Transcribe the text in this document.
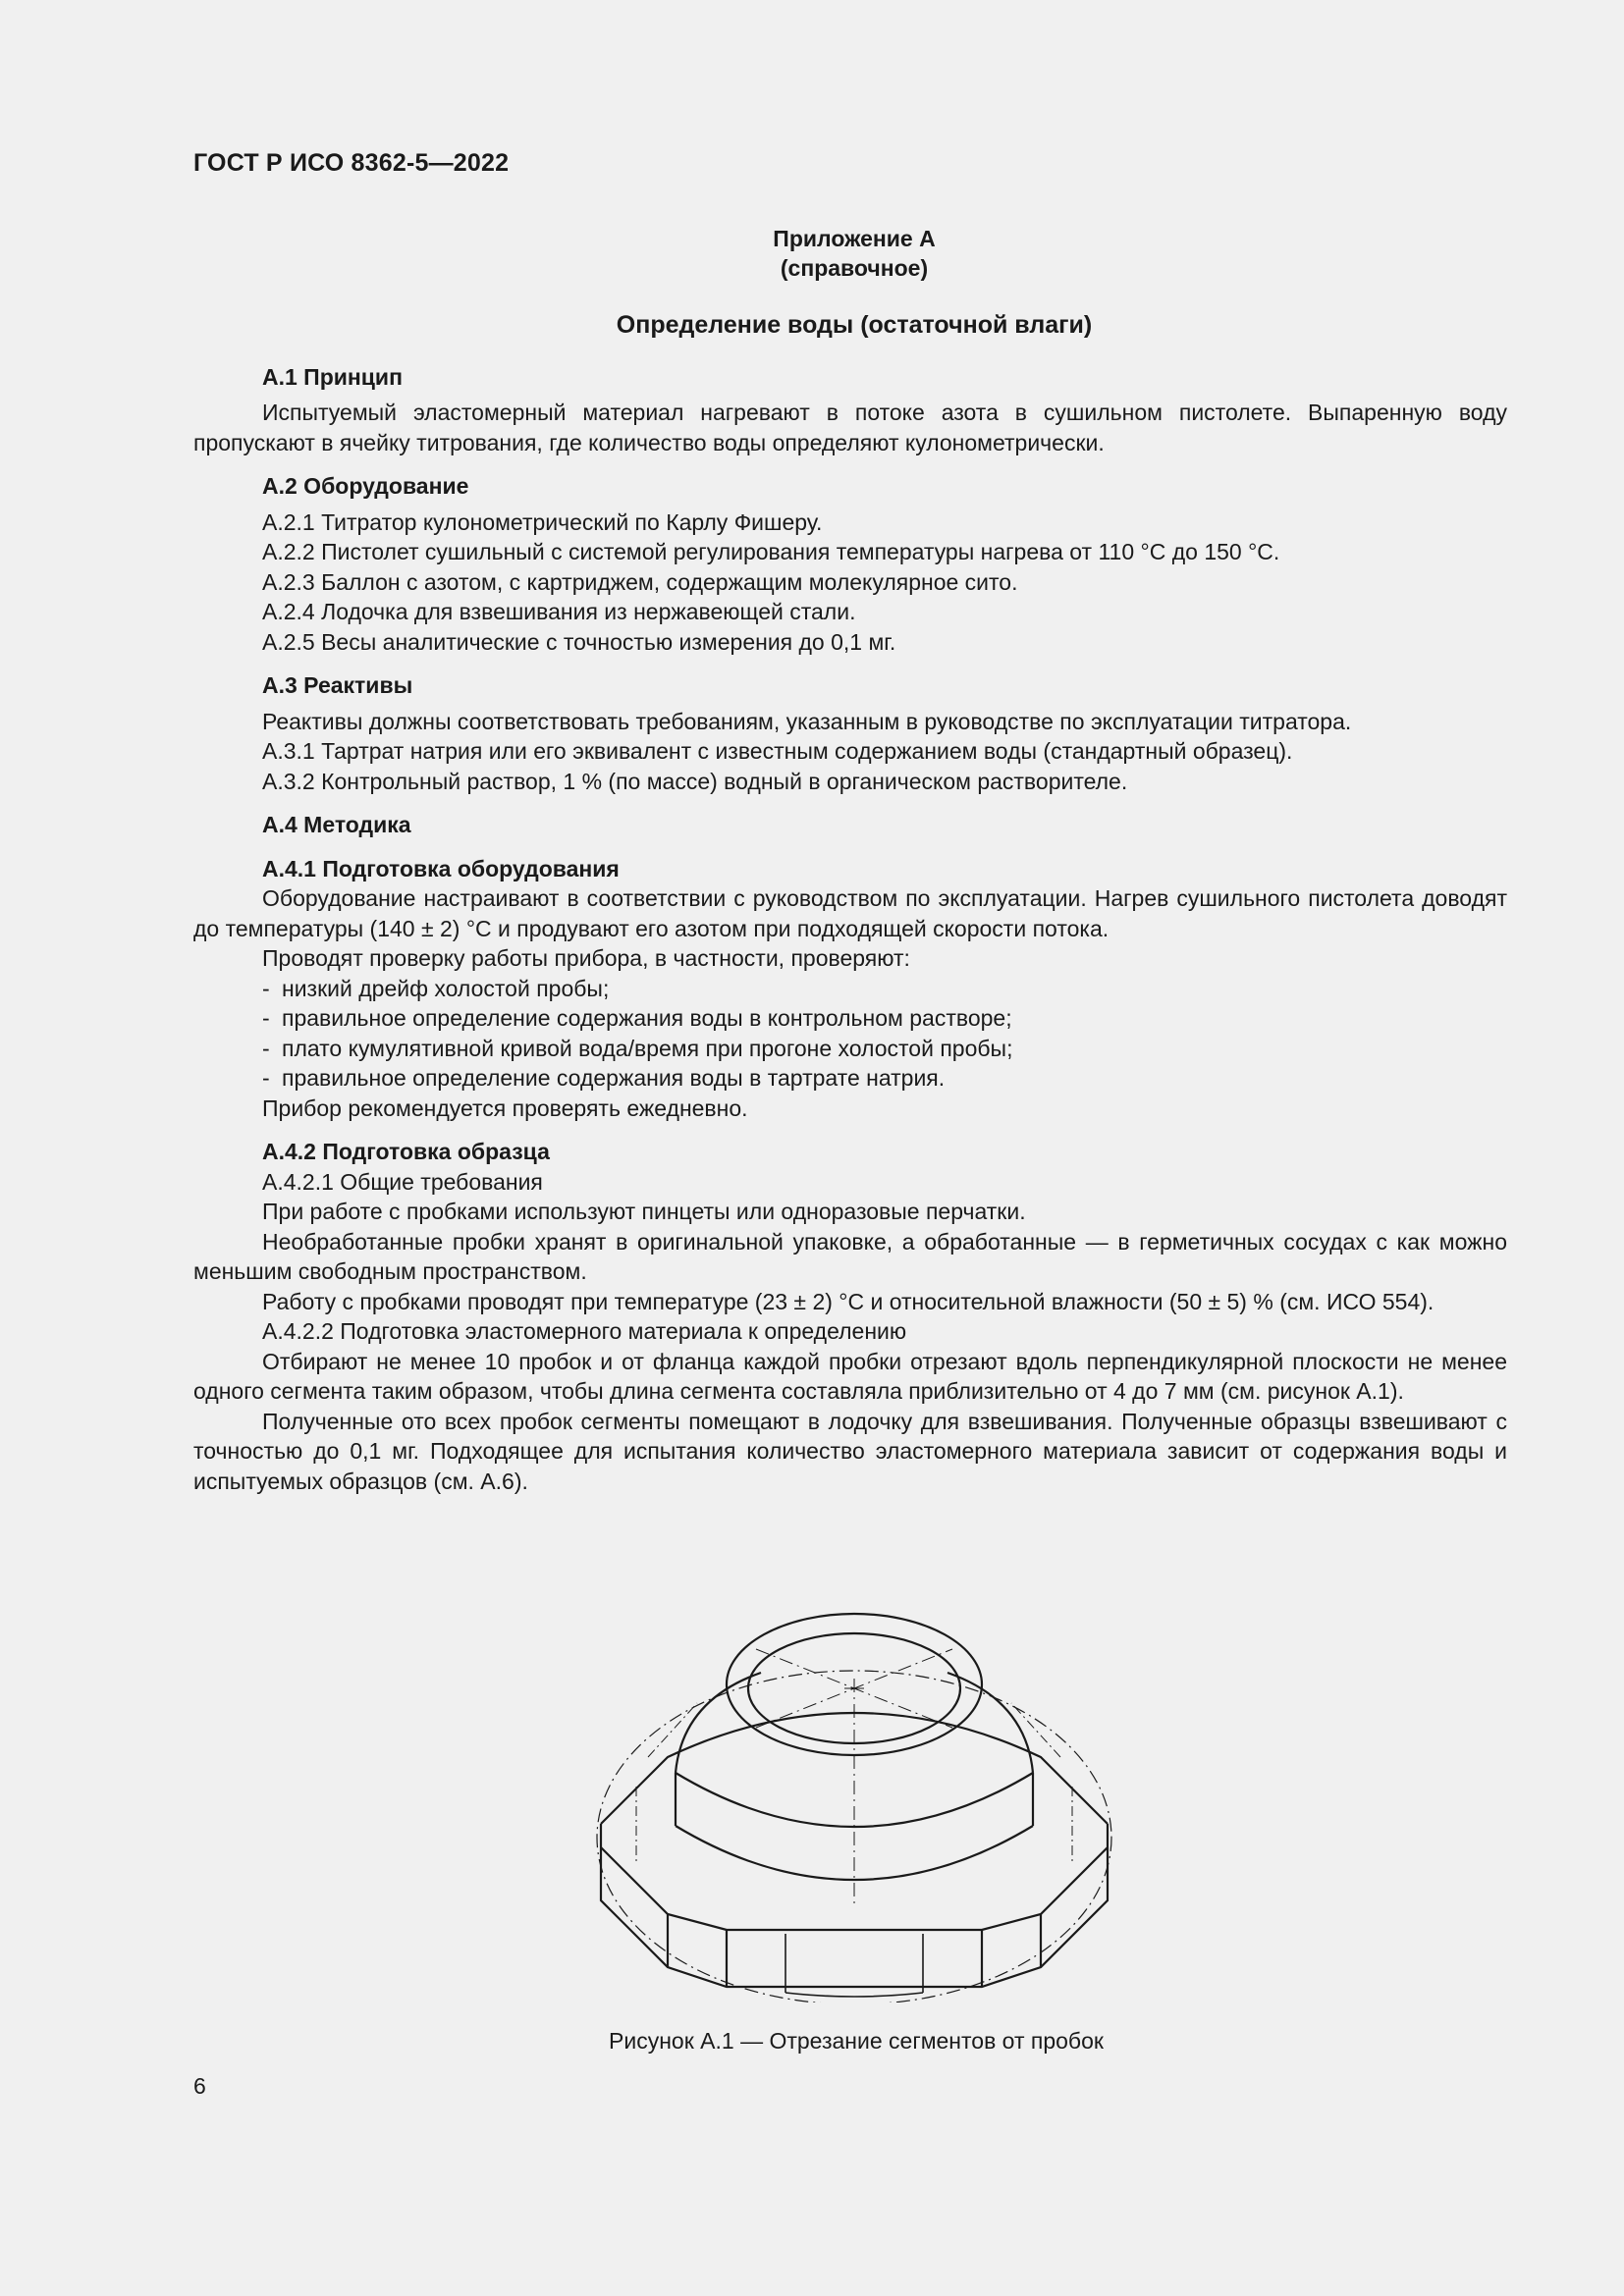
ГОСТ Р ИСО 8362-5—2022
Приложение А
(справочное)
Определение воды (остаточной влаги)
А.1 Принцип
Испытуемый эластомерный материал нагревают в потоке азота в сушильном пистолете. Выпаренную воду пропускают в ячейку титрования, где количество воды определяют кулонометрически.
А.2 Оборудование
А.2.1 Титратор кулонометрический по Карлу Фишеру.
А.2.2 Пистолет сушильный с системой регулирования температуры нагрева от 110 °С до 150 °С.
А.2.3 Баллон с азотом, с картриджем, содержащим молекулярное сито.
А.2.4 Лодочка для взвешивания из нержавеющей стали.
А.2.5 Весы аналитические с точностью измерения до 0,1 мг.
А.3 Реактивы
Реактивы должны соответствовать требованиям, указанным в руководстве по эксплуатации титратора.
А.3.1 Тартрат натрия или его эквивалент с известным содержанием воды (стандартный образец).
А.3.2 Контрольный раствор, 1 % (по массе) водный в органическом растворителе.
А.4 Методика
А.4.1 Подготовка оборудования
Оборудование настраивают в соответствии с руководством по эксплуатации. Нагрев сушильного пистолета доводят до температуры (140 ± 2) °С и продувают его азотом при подходящей скорости потока.
Проводят проверку работы прибора, в частности, проверяют:
- низкий дрейф холостой пробы;
- правильное определение содержания воды в контрольном растворе;
- плато кумулятивной кривой вода/время при прогоне холостой пробы;
- правильное определение содержания воды в тартрате натрия.
Прибор рекомендуется проверять ежедневно.
А.4.2 Подготовка образца
А.4.2.1 Общие требования
При работе с пробками используют пинцеты или одноразовые перчатки.
Необработанные пробки хранят в оригинальной упаковке, а обработанные — в герметичных сосудах с как можно меньшим свободным пространством.
Работу с пробками проводят при температуре (23 ± 2) °С и относительной влажности (50 ± 5) % (см. ИСО 554).
А.4.2.2 Подготовка эластомерного материала к определению
Отбирают не менее 10 пробок и от фланца каждой пробки отрезают вдоль перпендикулярной плоскости не менее одного сегмента таким образом, чтобы длина сегмента составляла приблизительно от 4 до 7 мм (см. рисунок А.1).
Полученные ото всех пробок сегменты помещают в лодочку для взвешивания. Полученные образцы взвешивают с точностью до 0,1 мг. Подходящее для испытания количество эластомерного материала зависит от содержания воды и испытуемых образцов (см. А.6).
Рисунок А.1 — Отрезание сегментов от пробок
6
